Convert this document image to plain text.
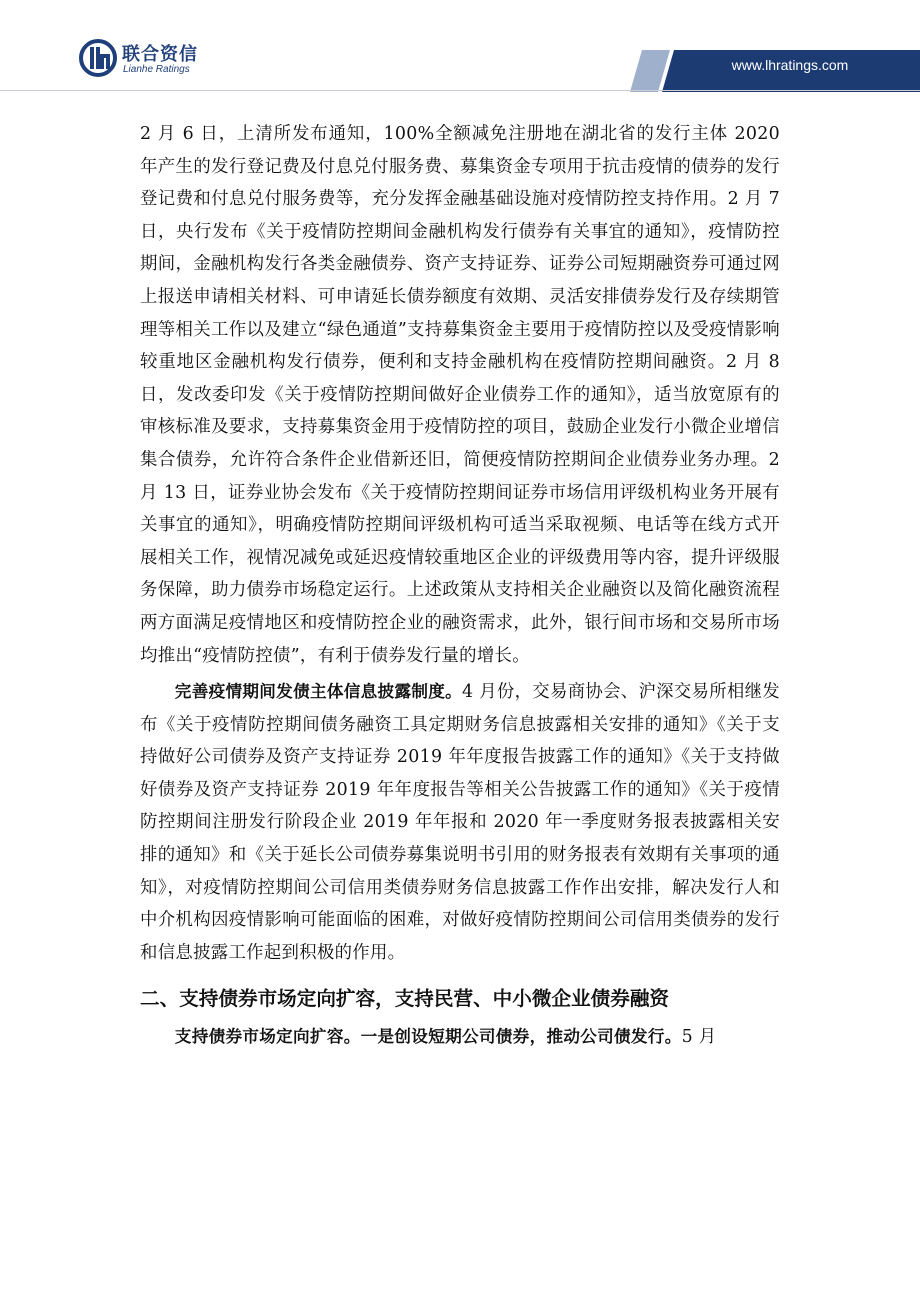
联合资信
Lianhe Ratings	www.lhratings.com

2 月 6 日，上清所发布通知，100%全额减免注册地在湖北省的发行主体 2020 年产生的发行登记费及付息兑付服务费、募集资金专项用于抗击疫情的债券的发行登记费和付息兑付服务费等，充分发挥金融基础设施对疫情防控支持作用。2 月 7 日，央行发布《关于疫情防控期间金融机构发行债券有关事宜的通知》，疫情防控期间，金融机构发行各类金融债券、资产支持证券、证券公司短期融资券可通过网上报送申请相关材料、可申请延长债券额度有效期、灵活安排债券发行及存续期管理等相关工作以及建立“绿色通道”支持募集资金主要用于疫情防控以及受疫情影响较重地区金融机构发行债券，便利和支持金融机构在疫情防控期间融资。2 月 8 日，发改委印发《关于疫情防控期间做好企业债券工作的通知》，适当放宽原有的审核标准及要求，支持募集资金用于疫情防控的项目，鼓励企业发行小微企业增信集合债券，允许符合条件企业借新还旧，简便疫情防控期间企业债券业务办理。2 月 13 日，证券业协会发布《关于疫情防控期间证券市场信用评级机构业务开展有关事宜的通知》，明确疫情防控期间评级机构可适当采取视频、电话等在线方式开展相关工作，视情况减免或延迟疫情较重地区企业的评级费用等内容，提升评级服务保障，助力债券市场稳定运行。上述政策从支持相关企业融资以及简化融资流程两方面满足疫情地区和疫情防控企业的融资需求，此外，银行间市场和交易所市场均推出“疫情防控债”，有利于债券发行量的增长。

完善疫情期间发债主体信息披露制度。4 月份，交易商协会、沪深交易所相继发布《关于疫情防控期间债务融资工具定期财务信息披露相关安排的通知》《关于支持做好公司债券及资产支持证券 2019 年年度报告披露工作的通知》《关于支持做好债券及资产支持证券 2019 年年度报告等相关公告披露工作的通知》《关于疫情防控期间注册发行阶段企业 2019 年年报和 2020 年一季度财务报表披露相关安排的通知》和《关于延长公司债券募集说明书引用的财务报表有效期有关事项的通知》，对疫情防控期间公司信用类债券财务信息披露工作作出安排，解决发行人和中介机构因疫情影响可能面临的困难，对做好疫情防控期间公司信用类债券的发行和信息披露工作起到积极的作用。

二、支持债券市场定向扩容，支持民营、中小微企业债券融资

支持债券市场定向扩容。一是创设短期公司债券，推动公司债发行。5 月
